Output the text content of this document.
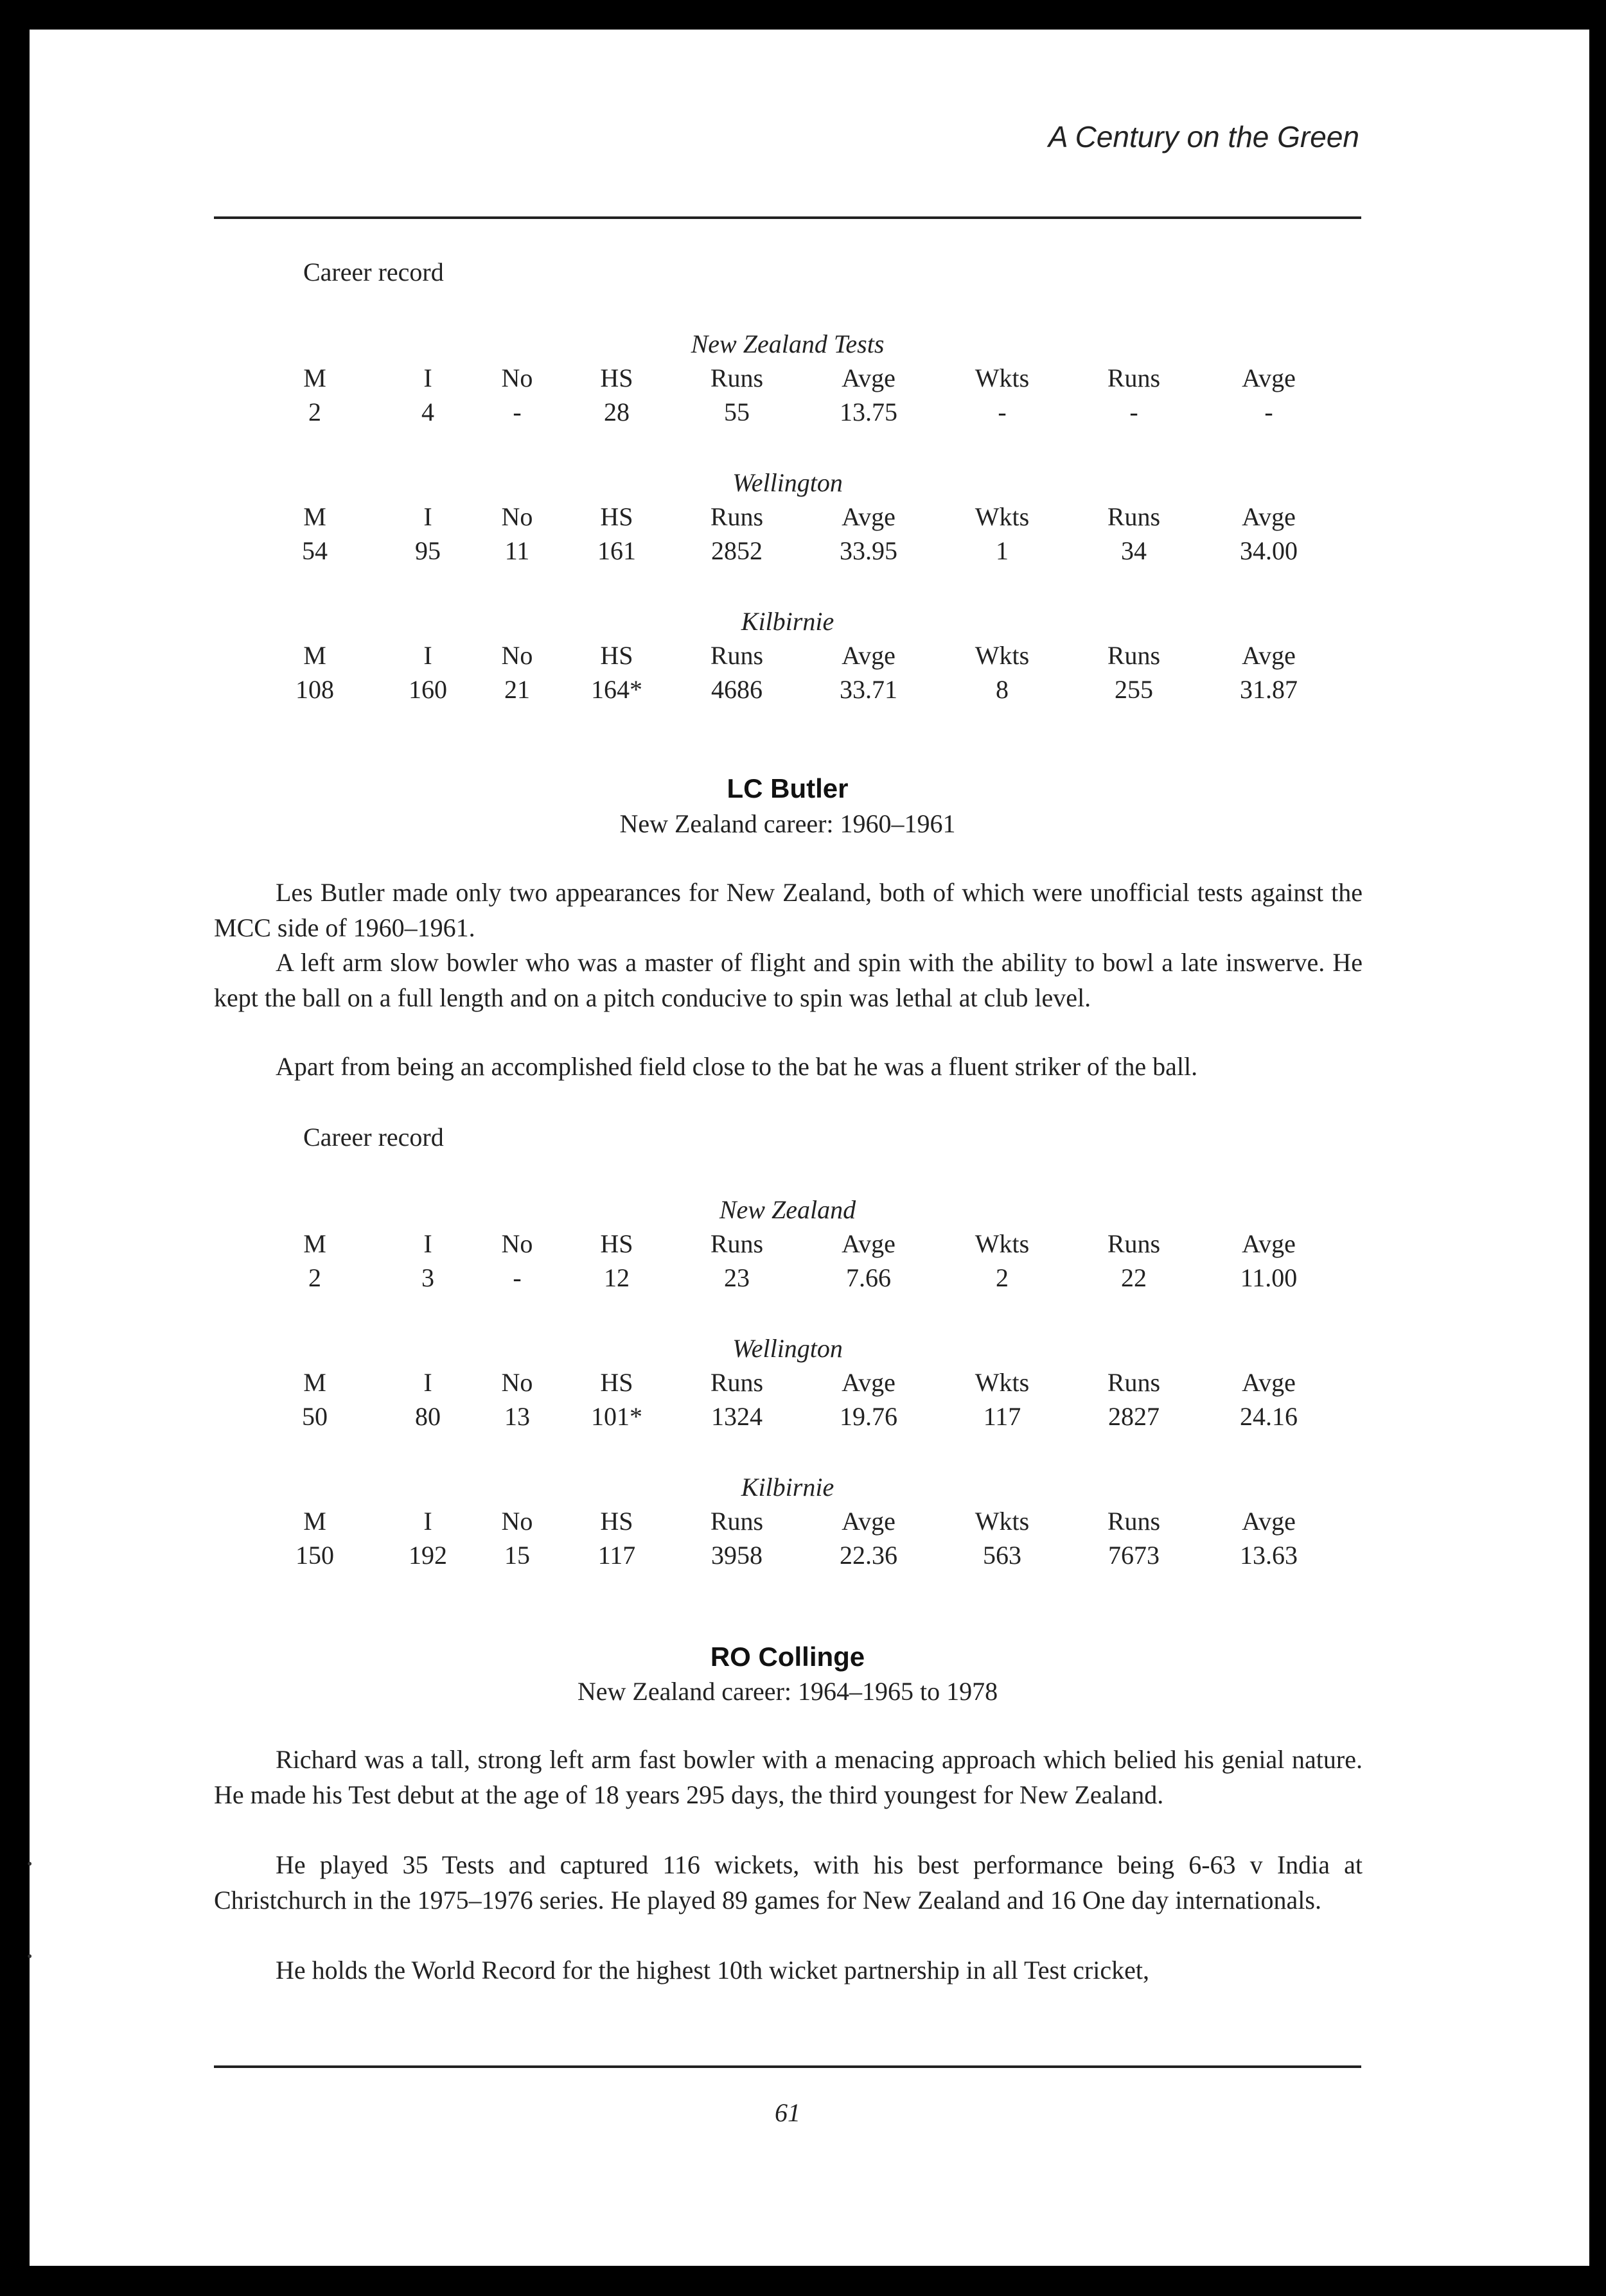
A Century on the Green
Career record
New Zealand Tests
M
2
I
4
No
-
HS
28
Runs
55
Avge
13.75
Wkts
-
Runs
-
Avge
-
Wellington
M
54
I
95
No
11
HS
161
Runs
2852
Avge
33.95
Wkts
1
Runs
34
Avge
34.00
Kilbirnie
M
108
I
160
No
21
HS
164*
Runs
4686
Avge
33.71
Wkts
8
Runs
255
Avge
31.87
LC Butler
New Zealand career: 1960–1961

Les Butler made only two appearances for New Zealand, both of which were unofficial tests against the MCC side of 1960–1961.

A left arm slow bowler who was a master of flight and spin with the ability to bowl a late inswerve. He kept the ball on a full length and on a pitch conducive to spin was lethal at club level.

Apart from being an accomplished field close to the bat he was a fluent striker of the ball.

Career record
New Zealand
M
2
I
3
No
-
HS
12
Runs
23
Avge
7.66
Wkts
2
Runs
22
Avge
11.00
Wellington
M
50
I
80
No
13
HS
101*
Runs
1324
Avge
19.76
Wkts
117
Runs
2827
Avge
24.16
Kilbirnie
M
150
I
192
No
15
HS
117
Runs
3958
Avge
22.36
Wkts
563
Runs
7673
Avge
13.63
RO Collinge
New Zealand career: 1964–1965 to 1978

Richard was a tall, strong left arm fast bowler with a menacing approach which belied his genial nature. He made his Test debut at the age of 18 years 295 days, the third youngest for New Zealand.

He played 35 Tests and captured 116 wickets, with his best performance being 6-63 v India at Christchurch in the 1975–1976 series. He played 89 games for New Zealand and 16 One day internationals.

He holds the World Record for the highest 10th wicket partnership in all Test cricket,

61
•
•
